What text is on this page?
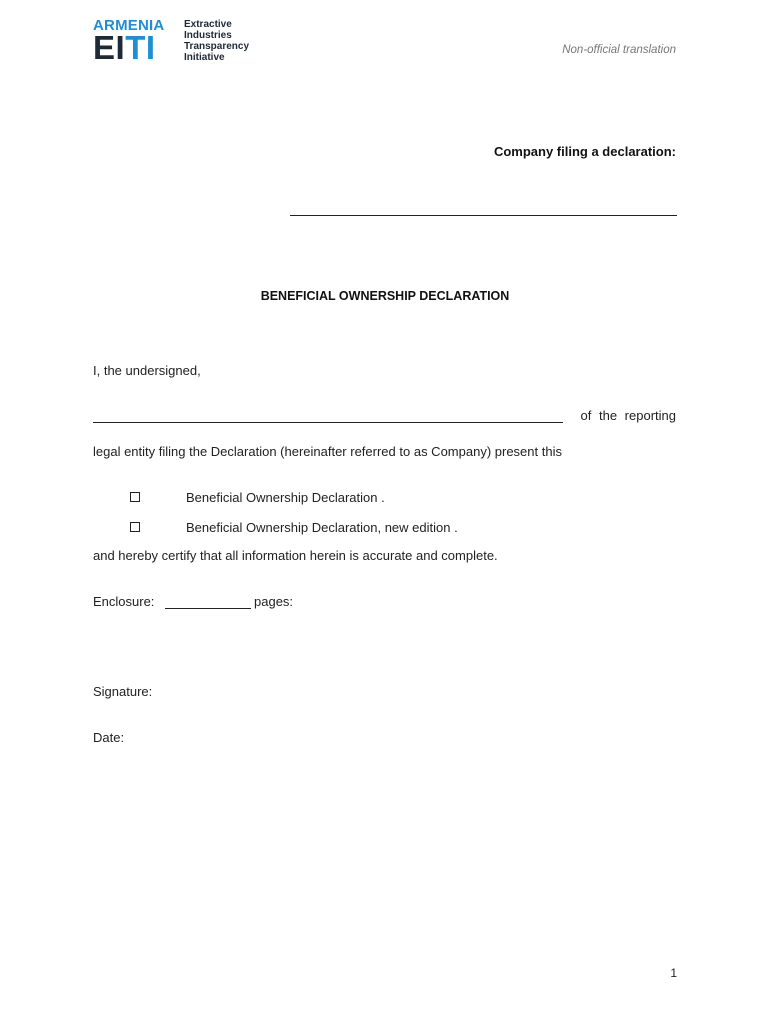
ARMENIA
EITI
Extractive
Industries
Transparency
Initiative
Non-official translation
Company filing a declaration:
BENEFICIAL OWNERSHIP DECLARATION
I, the undersigned,
of the reporting
legal entity filing the Declaration (hereinafter referred to as Company) present this
Beneficial Ownership Declaration .
Beneficial Ownership Declaration, new edition .
and hereby certify that all information herein is accurate and complete.
Enclosure:	pages:
Signature:
Date:
1
